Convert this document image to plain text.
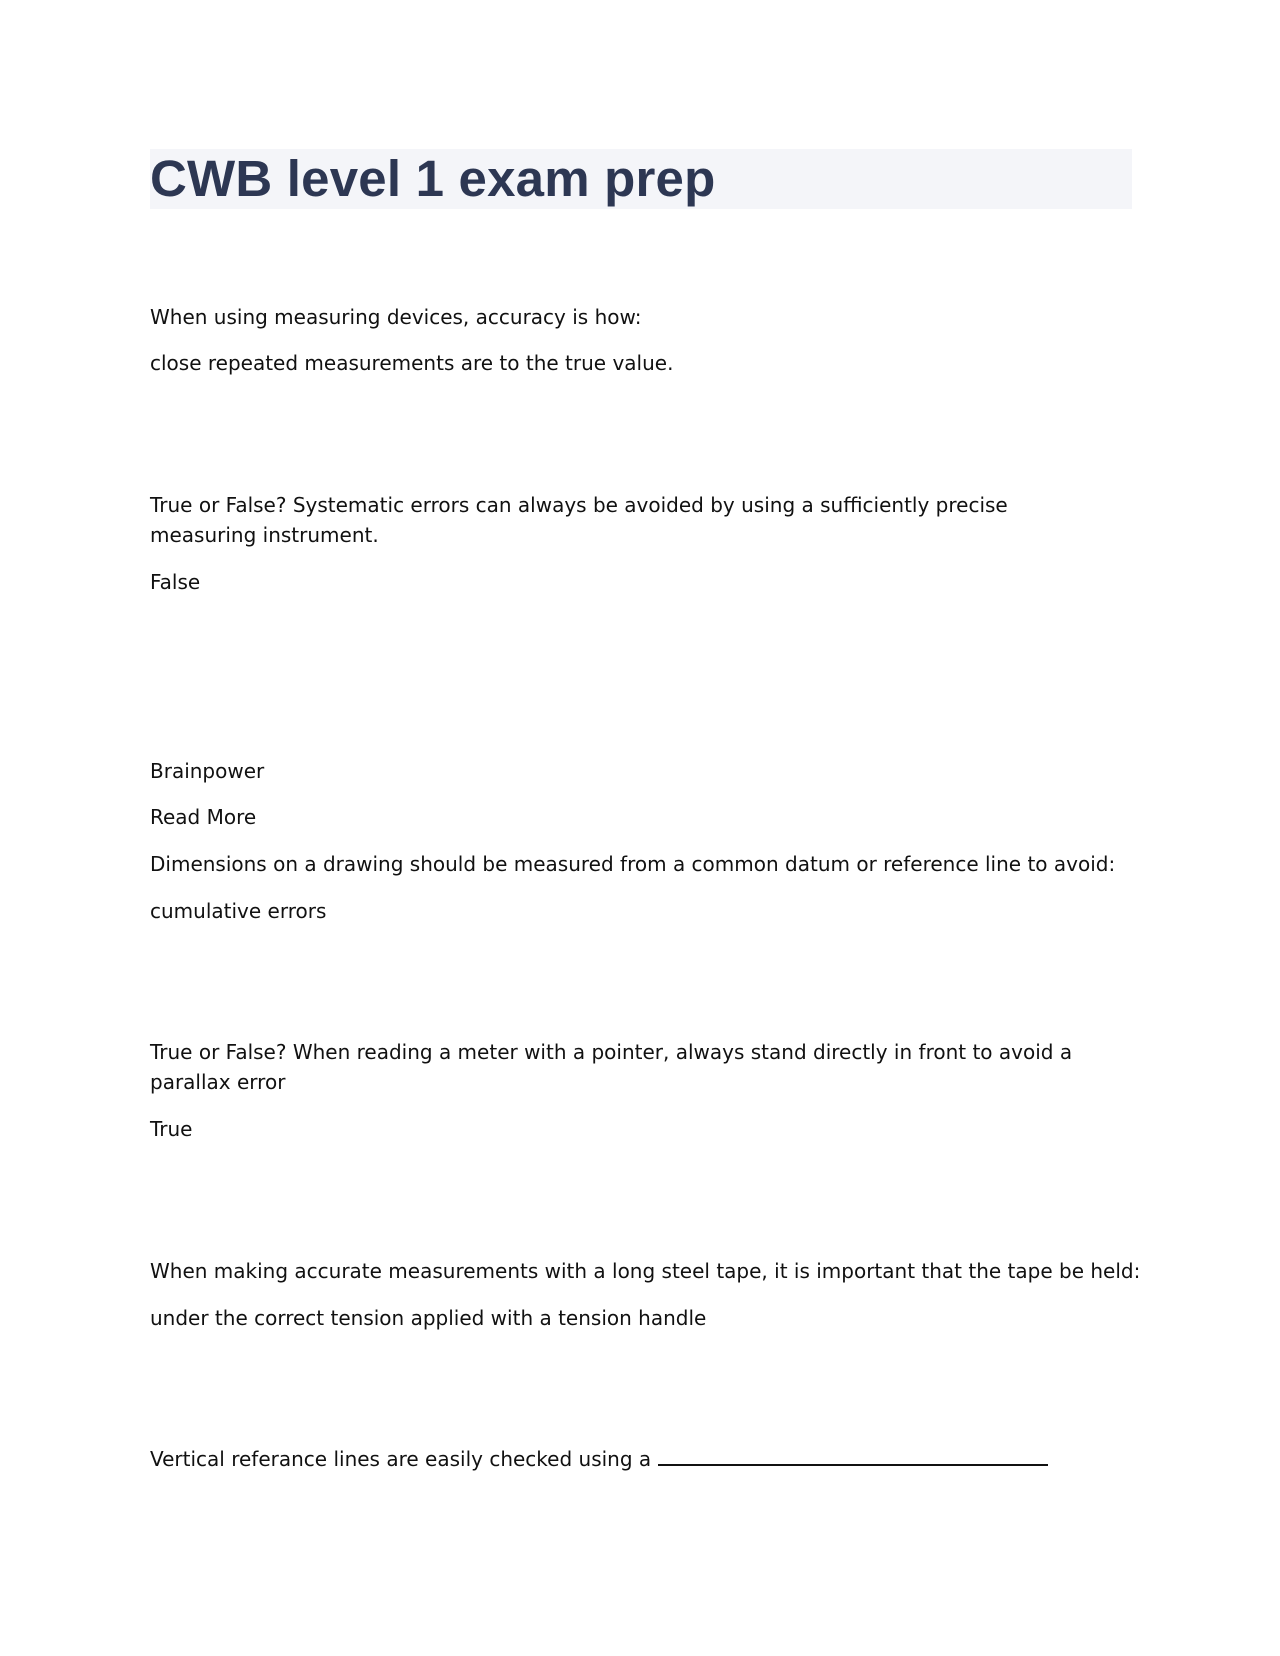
CWB level 1 exam prep

When using measuring devices, accuracy is how:

close repeated measurements are to the true value.

True or False? Systematic errors can always be avoided by using a sufficiently precise measuring instrument.

False

Brainpower

Read More

Dimensions on a drawing should be measured from a common datum or reference line to avoid:

cumulative errors

True or False? When reading a meter with a pointer, always stand directly in front to avoid a parallax error

True

When making accurate measurements with a long steel tape, it is important that the tape be held:

under the correct tension applied with a tension handle

Vertical referance lines are easily checked using a
